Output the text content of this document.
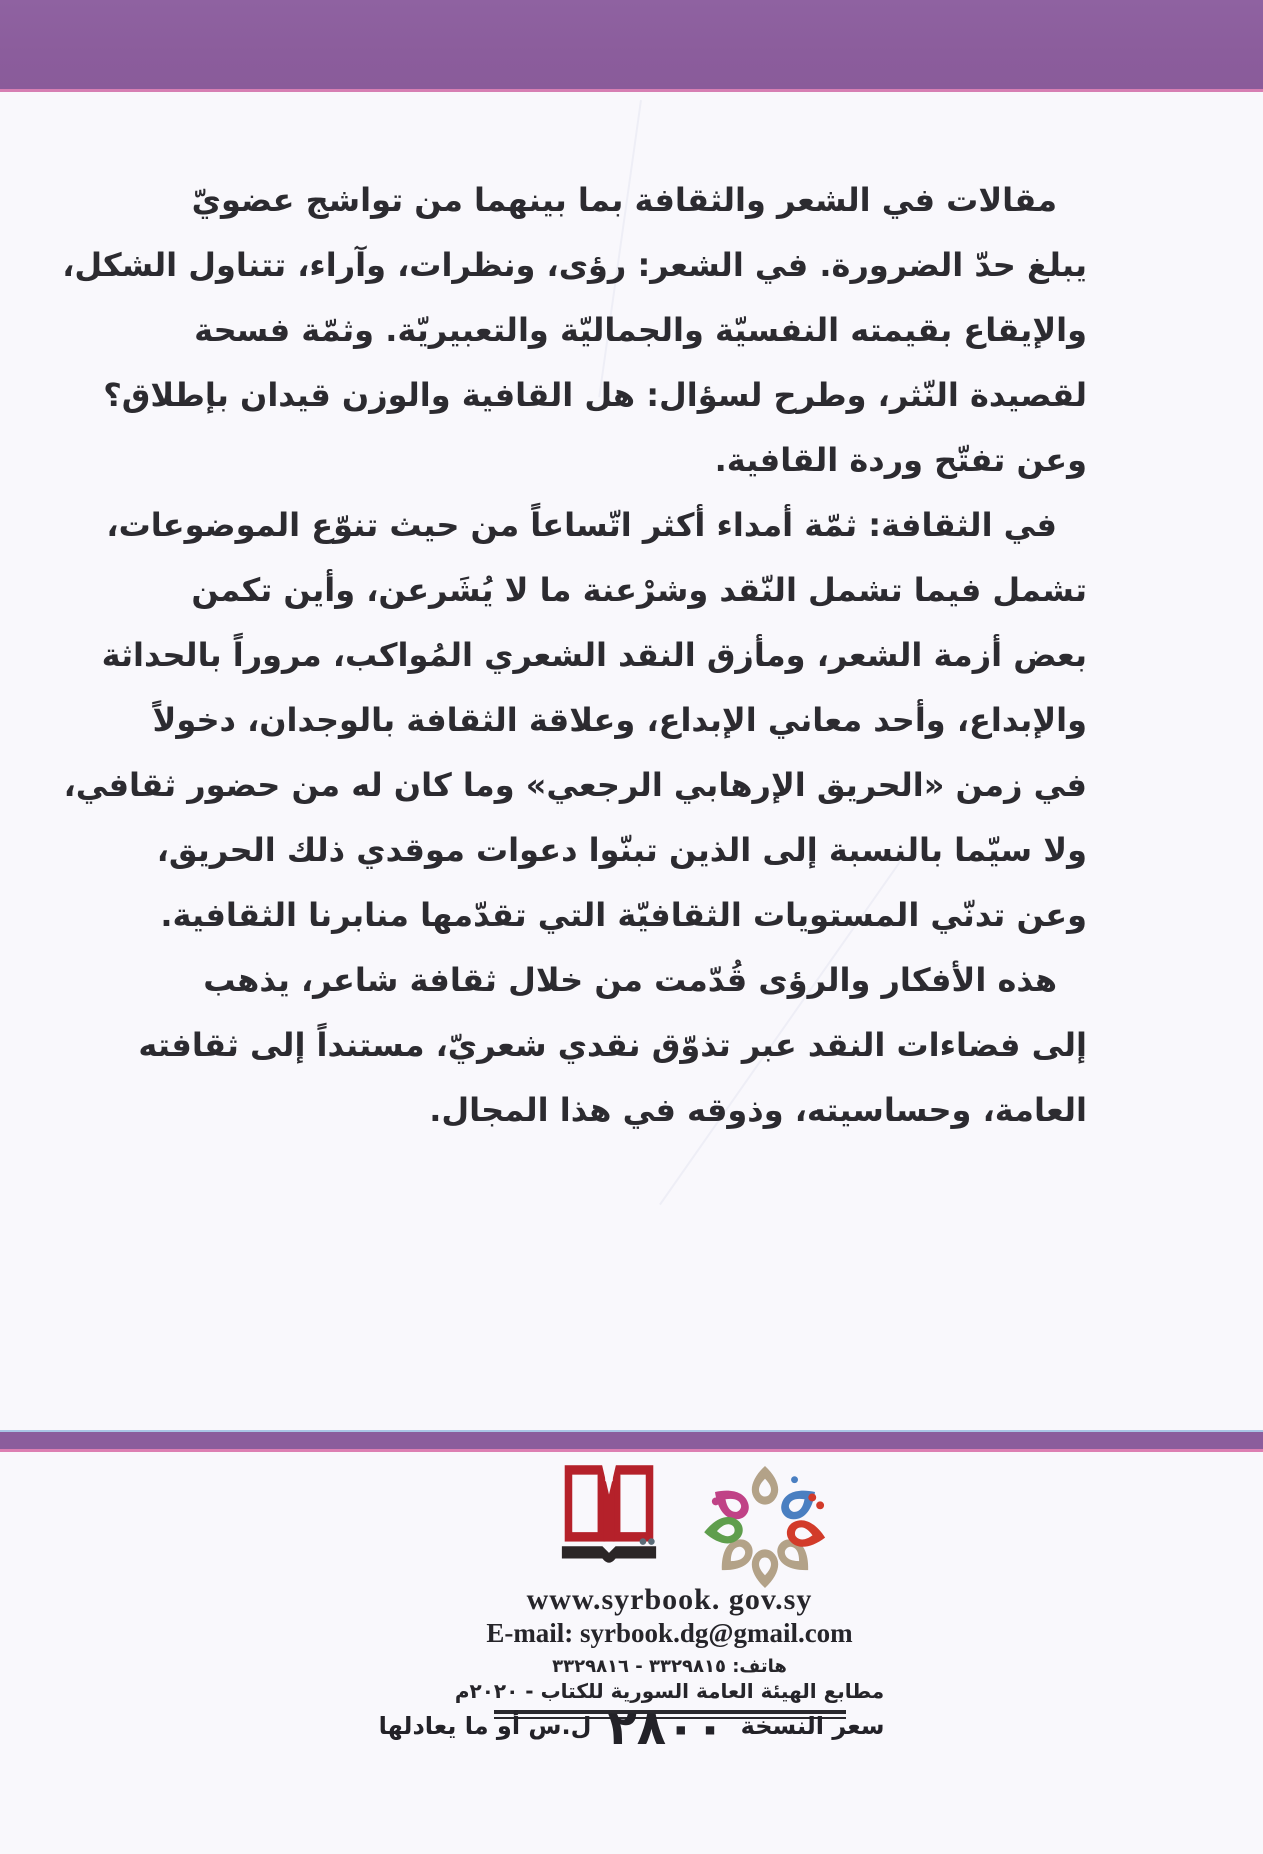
مقالات في الشعر والثقافة بما بينهما من تواشج عضويّ
يبلغ حدّ الضرورة. في الشعر: رؤى، ونظرات، وآراء، تتناول الشكل،
والإيقاع بقيمته النفسيّة والجماليّة والتعبيريّة. وثمّة فسحة
لقصيدة النّثر، وطرح لسؤال: هل القافية والوزن قيدان بإطلاق؟
وعن تفتّح وردة القافية.
في الثقافة: ثمّة أمداء أكثر اتّساعاً من حيث تنوّع الموضوعات،
تشمل فيما تشمل النّقد وشرْعنة ما لا يُشَرعن، وأين تكمن
بعض أزمة الشعر، ومأزق النقد الشعري المُواكب، مروراً بالحداثة
والإبداع، وأحد معاني الإبداع، وعلاقة الثقافة بالوجدان، دخولاً
في زمن «الحريق الإرهابي الرجعي» وما كان له من حضور ثقافي،
ولا سيّما بالنسبة إلى الذين تبنّوا دعوات موقدي ذلك الحريق،
وعن تدنّي المستويات الثقافيّة التي تقدّمها منابرنا الثقافية.
هذه الأفكار والرؤى قُدّمت من خلال ثقافة شاعر، يذهب
إلى فضاءات النقد عبر تذوّق نقدي شعريّ، مستنداً إلى ثقافته
العامة، وحساسيته، وذوقه في هذا المجال.
www.syrbook. gov.sy
E-mail: syrbook.dg@gmail.com
هاتف: ٣٣٢٩٨١٥ - ٣٣٢٩٨١٦
مطابع الهيئة العامة السورية للكتاب - ٢٠٢٠م
سعر النسخة
٢٨٠٠
ل.س أو ما يعادلها
